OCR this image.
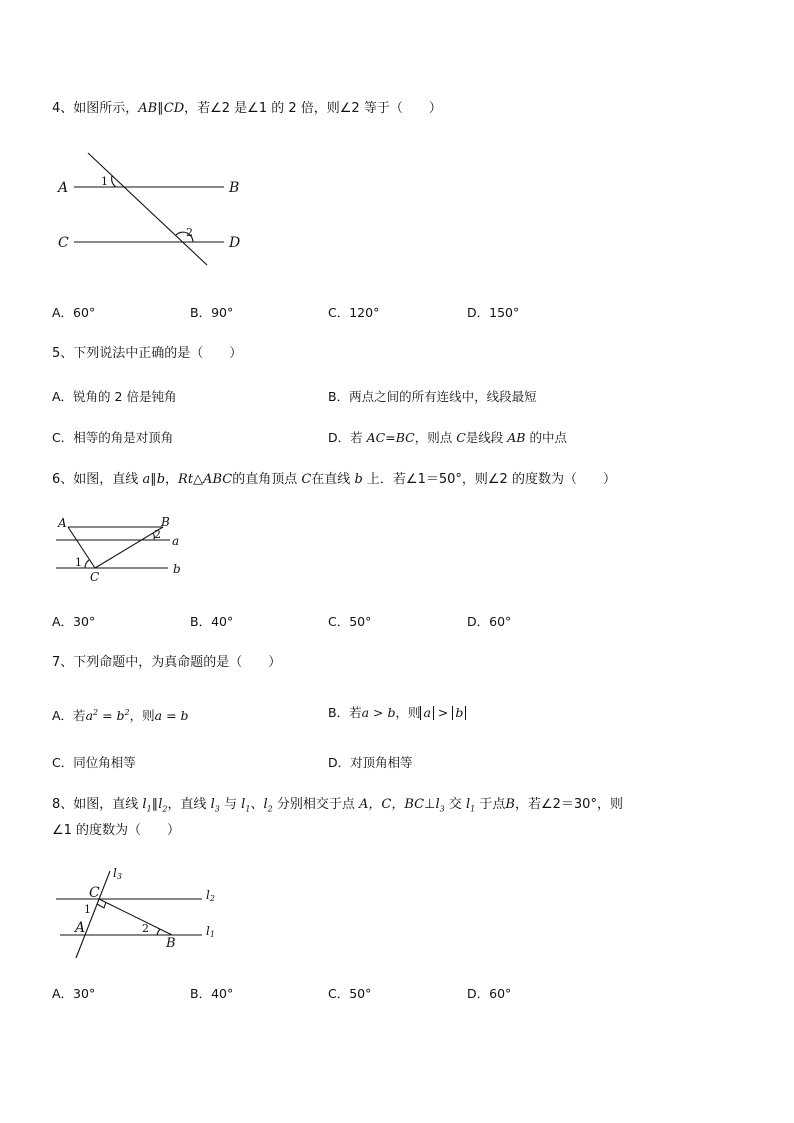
4、如图所示，AB∥CD，若∠2 是∠1 的 2 倍，则∠2 等于（　　）
A	B
C	D
1
2
A．60°	B．90°	C．120°	D．150°
5、下列说法中正确的是（　　）
A．锐角的 2 倍是钝角	B．两点之间的所有连线中，线段最短
C．相等的角是对顶角	D．若 AC=BC，则点 C是线段 AB 的中点
6、如图，直线 a∥b，Rt△ABC的直角顶点 C在直线 b 上．若∠1＝50°，则∠2 的度数为（　　）
A	B
C
a
b
1
2
A．30°	B．40°	C．50°	D．60°
7、下列命题中，为真命题的是（　　）
A．若$a^2 = b^2$，则a = b	B．若a > b，则 a > b
C．同位角相等	D．对顶角相等
8、如图，直线 $l_1\parallel l_2$，直线 $l_3$ 与 $l_1$、$l_2$ 分别相交于点 A，C，$BC\perp l_3$ 交 $l_1$ 于点B，若∠2＝30°，则
∠1 的度数为（　　）
C
A
B
1
2
l3
l2
l1
A．30°	B．40°	C．50°	D．60°
